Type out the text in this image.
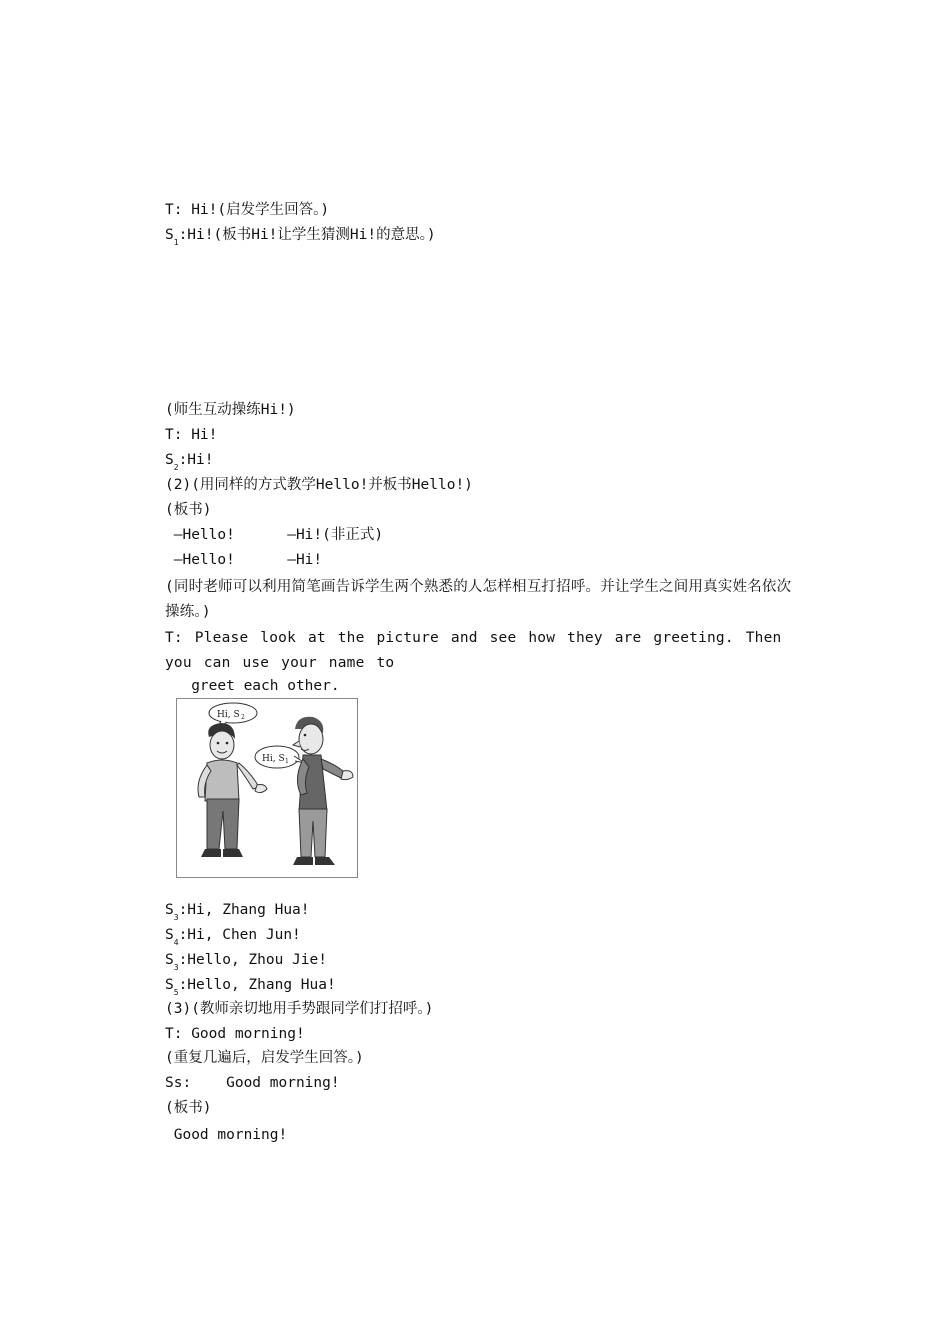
T: Hi!(启发学生回答。)
$S_1:Hi$!(板书Hi!让学生猜测Hi!的意思。)
(师生互动操练Hi!)
T: Hi!
$S_2:Hi$!
(2)(用同样的方式教学Hello!并板书Hello!)
(板书)
—Hello!      —Hi!(非正式)
—Hello!      —Hi!
(同时老师可以利用简笔画告诉学生两个熟悉的人怎样相互打招呼。并让学生之间用真实姓名依次操练。)
T: Please look at the picture and see how they are greeting. Then you can use your name to
greet each other.
Hi, S 2
Hi, S 1
$S_3:Hi$, Zhang Hua!
$S_4:Hi$, Chen Jun!
$S_3:Hello$, Zhou Jie!
$S_5:Hello$, Zhang Hua!
(3)(教师亲切地用手势跟同学们打招呼。)
T: Good morning!
(重复几遍后，启发学生回答。)
Ss:    Good morning!
(板书)
Good morning!
